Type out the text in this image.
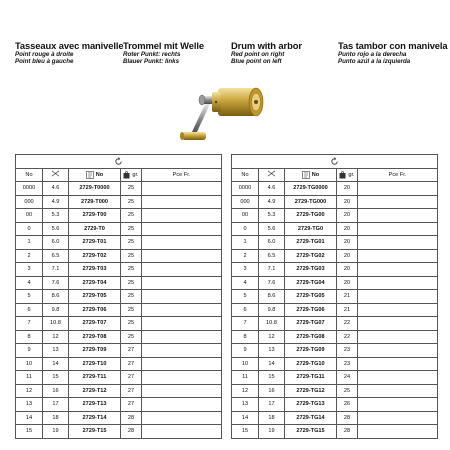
Tasseaux avec manivelle
Point rouge à droite
Point bleu à gauche
Trommel mit Welle
Roter Punkt: rechts
Blauer Punkt: links
Drum with arbor
Red point on right
Blue point on left
Tas tambor con manivela
Punto rojo a la derecha
Punto azúl a la izquierda

No		No	gr.	Pce Fr.
0000	4.6	2729-T0000	25	
000	4.9	2729-T000	25	
00	5.3	2729-T00	25	
0	5.6	2729-T0	25	
1	6.0	2729-T01	25	
2	6.5	2729-T02	25	
3	7.1	2729-T03	25	
4	7.6	2729-T04	25	
5	8.6	2729-T05	25	
6	9.8	2729-T06	25	
7	10.8	2729-T07	25	
8	12	2729-T08	25	
9	13	2729-T09	27	
10	14	2729-T10	27	
11	15	2729-T11	27	
12	16	2729-T12	27	
13	17	2729-T13	27	
14	18	2729-T14	28	
15	19	2729-T15	28	

No		No	gr.	Pce Fr.
0000	4.6	2729-TG0000	20	
000	4.9	2729-TG000	20	
00	5.3	2729-TG00	20	
0	5.6	2729-TG0	20	
1	6.0	2729-TG01	20	
2	6.5	2729-TG02	20	
3	7.1	2729-TG03	20	
4	7.6	2729-TG04	20	
5	8.6	2729-TG05	21	
6	9.8	2729-TG06	21	
7	10.8	2729-TG07	22	
8	12	2729-TG08	22	
9	13	2729-TG09	23	
10	14	2729-TG10	23	
11	15	2729-TG11	24	
12	16	2729-TG12	25	
13	17	2729-TG13	26	
14	18	2729-TG14	28	
15	19	2729-TG15	28	
